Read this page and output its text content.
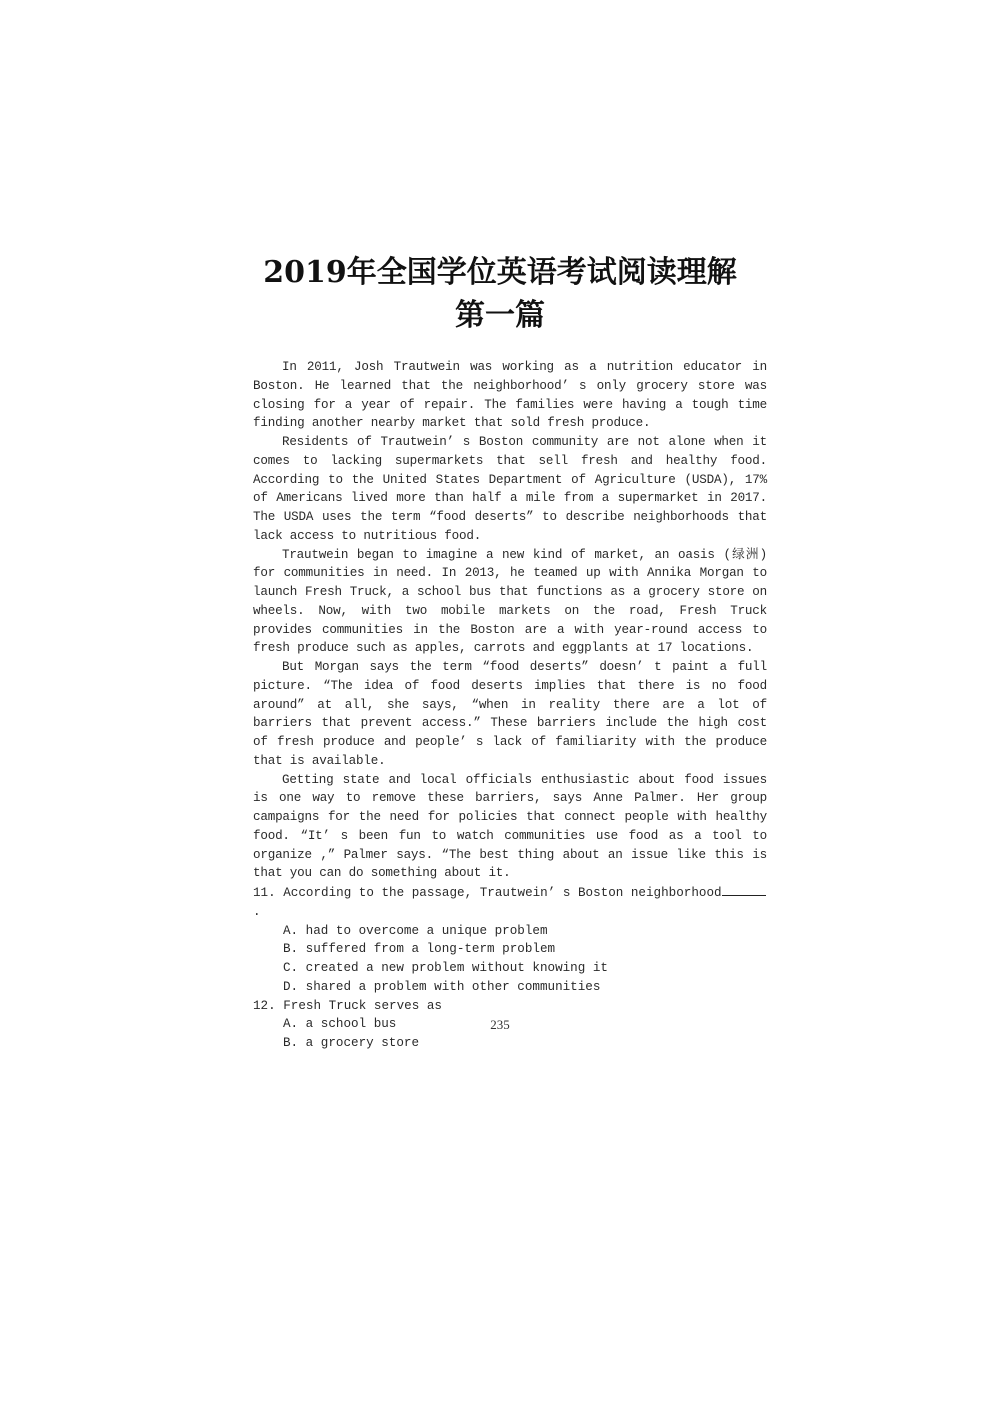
2019年全国学位英语考试阅读理解
第一篇

In 2011, Josh Trautwein was working as a nutrition educator in Boston. He learned that the neighborhood’ s only grocery store was closing for a year of repair. The families were having a tough time finding another nearby market that sold fresh produce.

Residents of Trautwein’ s Boston community are not alone when it comes to lacking supermarkets that sell fresh and healthy food. According to the United States Department of Agriculture (USDA), 17% of Americans lived more than half a mile from a supermarket in 2017. The USDA uses the term “food deserts” to describe neighborhoods that lack access to nutritious food.

Trautwein began to imagine a new kind of market, an oasis (绿洲) for communities in need. In 2013, he teamed up with Annika Morgan to launch Fresh Truck, a school bus that functions as a grocery store on wheels. Now, with two mobile markets on the road, Fresh Truck provides communities in the Boston are a with year-round access to fresh produce such as apples, carrots and eggplants at 17 locations.

But Morgan says the term “food deserts” doesn’ t paint a full picture. “The idea of food deserts implies that there is no food around” at all, she says, “when in reality there are a lot of barriers that prevent access.” These barriers include the high cost of fresh produce and people’ s lack of familiarity with the produce that is available.

Getting state and local officials enthusiastic about food issues is one way to remove these barriers, says Anne Palmer. Her group campaigns for the need for policies that connect people with healthy food. “It’ s been fun to watch communities use food as a tool to organize ,” Palmer says. “The best thing about an issue like this is that you can do something about it.

11. According to the passage, Trautwein’ s Boston neighborhood.
A. had to overcome a unique problem
B. suffered from a long-term problem
C. created a new problem without knowing it
D. shared a problem with other communities
12. Fresh Truck serves as
A. a school bus
B. a grocery store
235
